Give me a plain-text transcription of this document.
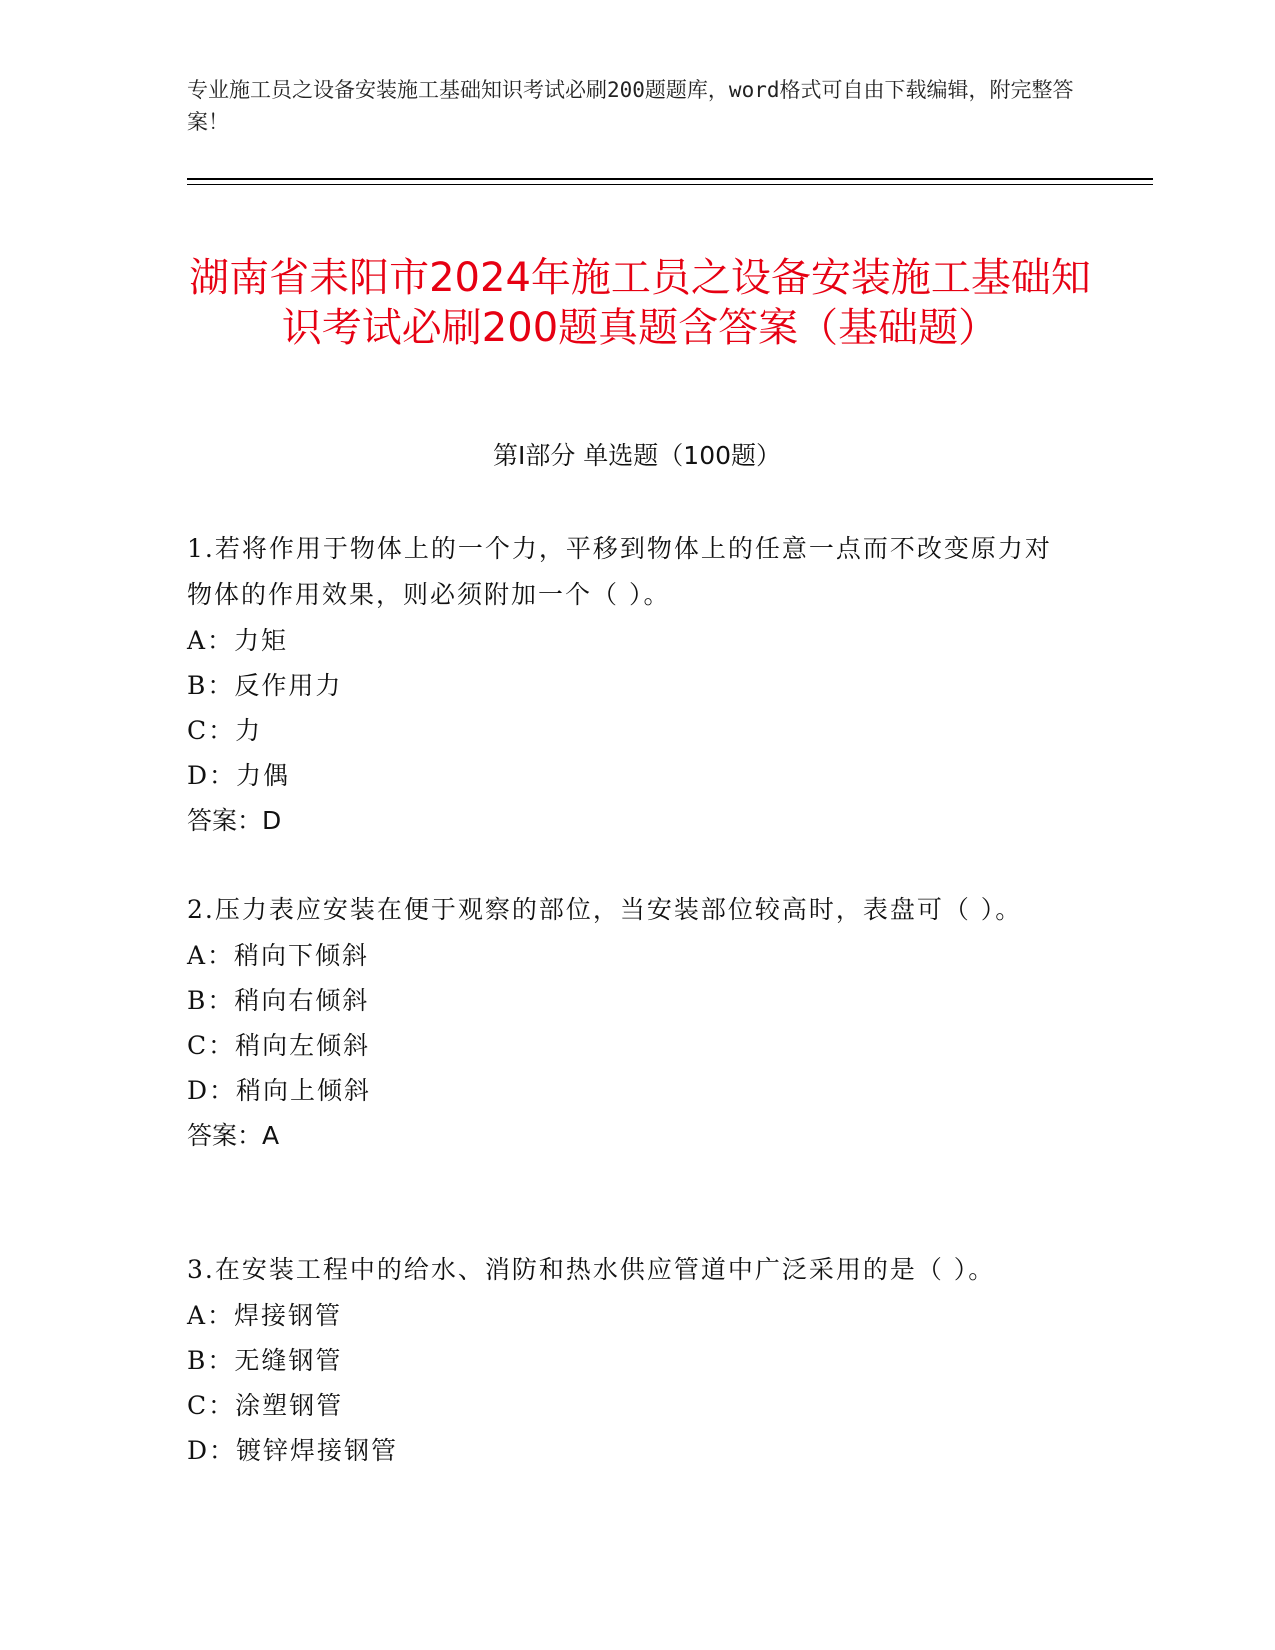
专业施工员之设备安装施工基础知识考试必刷200题题库，word格式可自由下载编辑，附完整答案！
湖南省耒阳市2024年施工员之设备安装施工基础知识考试必刷200题真题含答案（基础题）
第Ⅰ部分 单选题（100题）

1.若将作用于物体上的一个力，平移到物体上的任意一点而不改变原力对物体的作用效果，则必须附加一个（ ）。

A：力矩

B：反作用力

C：力

D：力偶

答案：D

2.压力表应安装在便于观察的部位，当安装部位较高时，表盘可（ ）。

A：稍向下倾斜

B：稍向右倾斜

C：稍向左倾斜

D：稍向上倾斜

答案：A

3.在安装工程中的给水、消防和热水供应管道中广泛采用的是（ ）。

A：焊接钢管

B：无缝钢管

C：涂塑钢管

D：镀锌焊接钢管
